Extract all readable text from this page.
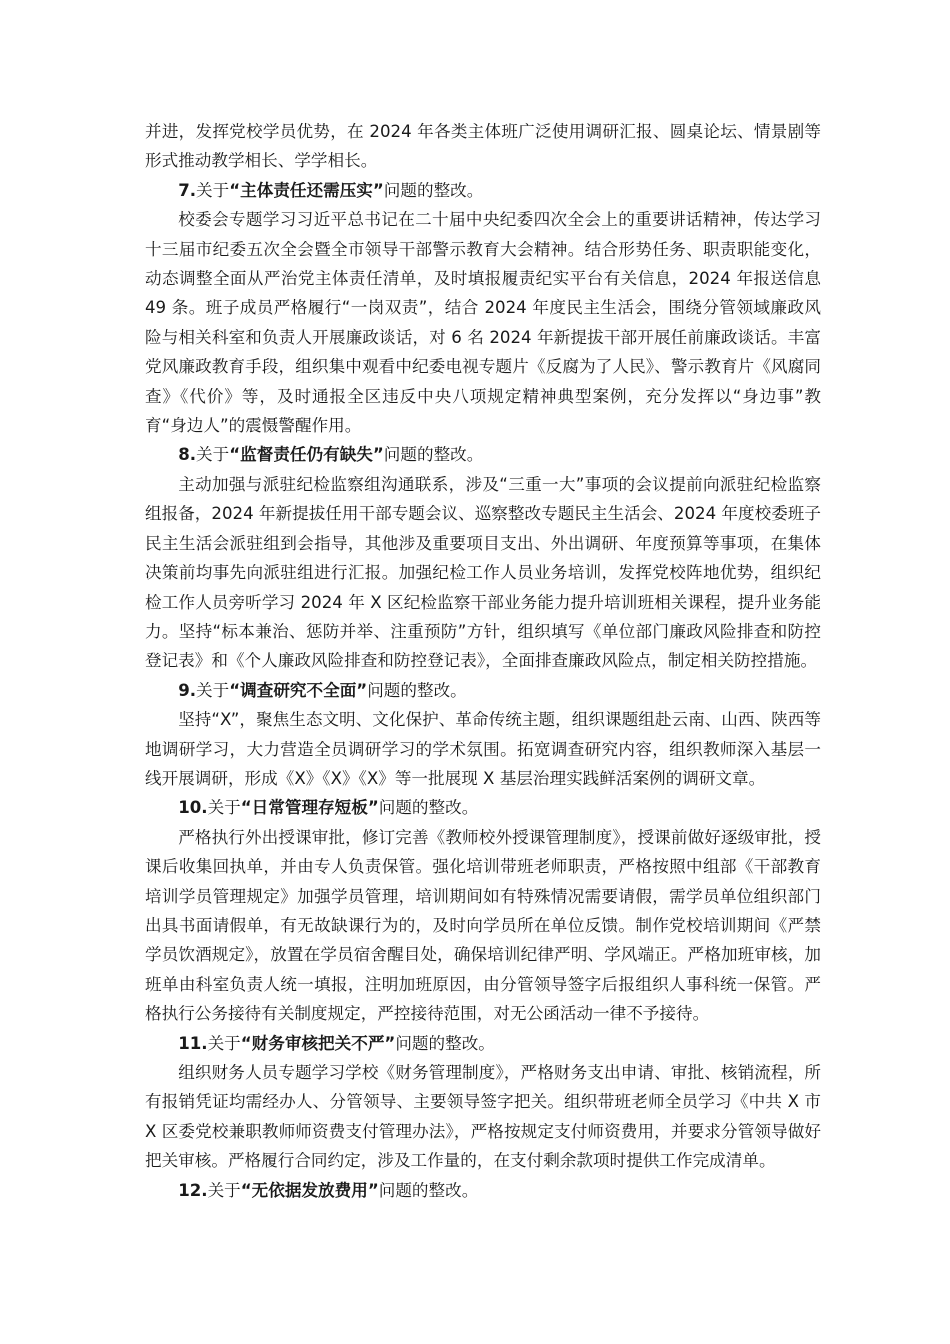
并进，发挥党校学员优势，在 2024 年各类主体班广泛使用调研汇报、圆桌论坛、情景剧等形式推动教学相长、学学相长。

7.关于“主体责任还需压实”问题的整改。

校委会专题学习习近平总书记在二十届中央纪委四次全会上的重要讲话精神，传达学习十三届市纪委五次全会暨全市领导干部警示教育大会精神。结合形势任务、职责职能变化，动态调整全面从严治党主体责任清单，及时填报履责纪实平台有关信息，2024 年报送信息 49 条。班子成员严格履行“一岗双责”，结合 2024 年度民主生活会，围绕分管领域廉政风险与相关科室和负责人开展廉政谈话，对 6 名 2024 年新提拔干部开展任前廉政谈话。丰富党风廉政教育手段，组织集中观看中纪委电视专题片《反腐为了人民》、警示教育片《风腐同查》《代价》等，及时通报全区违反中央八项规定精神典型案例，充分发挥以“身边事”教育“身边人”的震慑警醒作用。

8.关于“监督责任仍有缺失”问题的整改。

主动加强与派驻纪检监察组沟通联系，涉及“三重一大”事项的会议提前向派驻纪检监察组报备，2024 年新提拔任用干部专题会议、巡察整改专题民主生活会、2024 年度校委班子民主生活会派驻组到会指导，其他涉及重要项目支出、外出调研、年度预算等事项，在集体决策前均事先向派驻组进行汇报。加强纪检工作人员业务培训，发挥党校阵地优势，组织纪检工作人员旁听学习 2024 年 X 区纪检监察干部业务能力提升培训班相关课程，提升业务能力。坚持“标本兼治、惩防并举、注重预防”方针，组织填写《单位部门廉政风险排查和防控登记表》和《个人廉政风险排查和防控登记表》，全面排查廉政风险点，制定相关防控措施。

9.关于“调查研究不全面”问题的整改。

坚持“X”，聚焦生态文明、文化保护、革命传统主题，组织课题组赴云南、山西、陕西等地调研学习，大力营造全员调研学习的学术氛围。拓宽调查研究内容，组织教师深入基层一线开展调研，形成《X》《X》《X》等一批展现 X 基层治理实践鲜活案例的调研文章。

10.关于“日常管理存短板”问题的整改。

严格执行外出授课审批，修订完善《教师校外授课管理制度》，授课前做好逐级审批，授课后收集回执单，并由专人负责保管。强化培训带班老师职责，严格按照中组部《干部教育培训学员管理规定》加强学员管理，培训期间如有特殊情况需要请假，需学员单位组织部门出具书面请假单，有无故缺课行为的，及时向学员所在单位反馈。制作党校培训期间《严禁学员饮酒规定》，放置在学员宿舍醒目处，确保培训纪律严明、学风端正。严格加班审核，加班单由科室负责人统一填报，注明加班原因，由分管领导签字后报组织人事科统一保管。严格执行公务接待有关制度规定，严控接待范围，对无公函活动一律不予接待。

11.关于“财务审核把关不严”问题的整改。

组织财务人员专题学习学校《财务管理制度》，严格财务支出申请、审批、核销流程，所有报销凭证均需经办人、分管领导、主要领导签字把关。组织带班老师全员学习《中共 X 市 X 区委党校兼职教师师资费支付管理办法》，严格按规定支付师资费用，并要求分管领导做好把关审核。严格履行合同约定，涉及工作量的，在支付剩余款项时提供工作完成清单。

12.关于“无依据发放费用”问题的整改。
